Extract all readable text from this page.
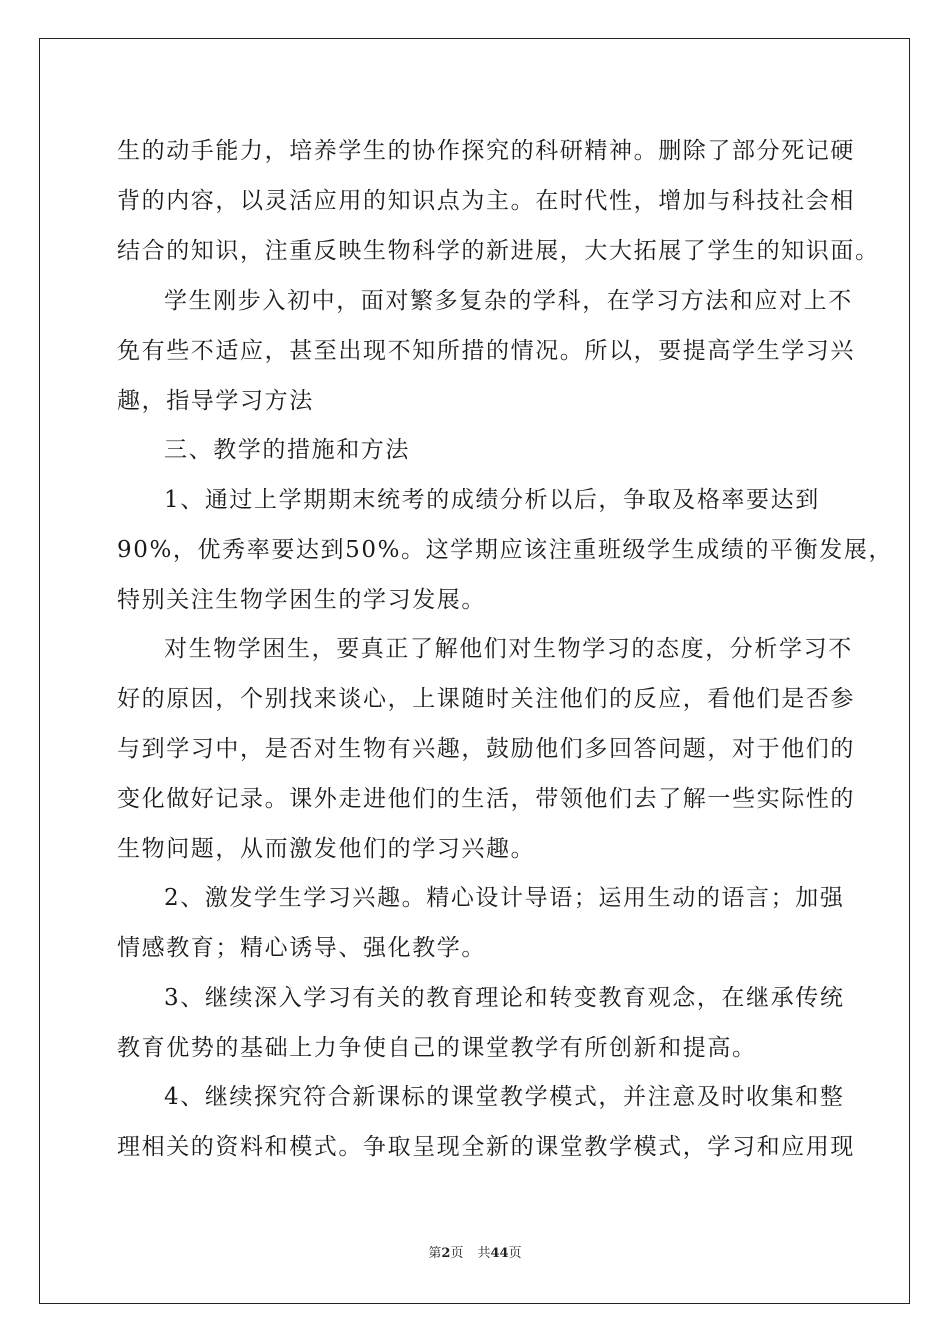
生的动手能力，培养学生的协作探究的科研精神。删除了部分死记硬
背的内容，以灵活应用的知识点为主。在时代性，增加与科技社会相
结合的知识，注重反映生物科学的新进展，大大拓展了学生的知识面。
学生刚步入初中，面对繁多复杂的学科，在学习方法和应对上不
免有些不适应，甚至出现不知所措的情况。所以，要提高学生学习兴
趣，指导学习方法
三、教学的措施和方法
1、通过上学期期末统考的成绩分析以后，争取及格率要达到
90%，优秀率要达到50%。这学期应该注重班级学生成绩的平衡发展，
特别关注生物学困生的学习发展。
对生物学困生，要真正了解他们对生物学习的态度，分析学习不
好的原因，个别找来谈心，上课随时关注他们的反应，看他们是否参
与到学习中，是否对生物有兴趣，鼓励他们多回答问题，对于他们的
变化做好记录。课外走进他们的生活，带领他们去了解一些实际性的
生物问题，从而激发他们的学习兴趣。
2、激发学生学习兴趣。精心设计导语；运用生动的语言；加强
情感教育；精心诱导、强化教学。
3、继续深入学习有关的教育理论和转变教育观念，在继承传统
教育优势的基础上力争使自己的课堂教学有所创新和提高。
4、继续探究符合新课标的课堂教学模式，并注意及时收集和整
理相关的资料和模式。争取呈现全新的课堂教学模式，学习和应用现
第2页 共44页
